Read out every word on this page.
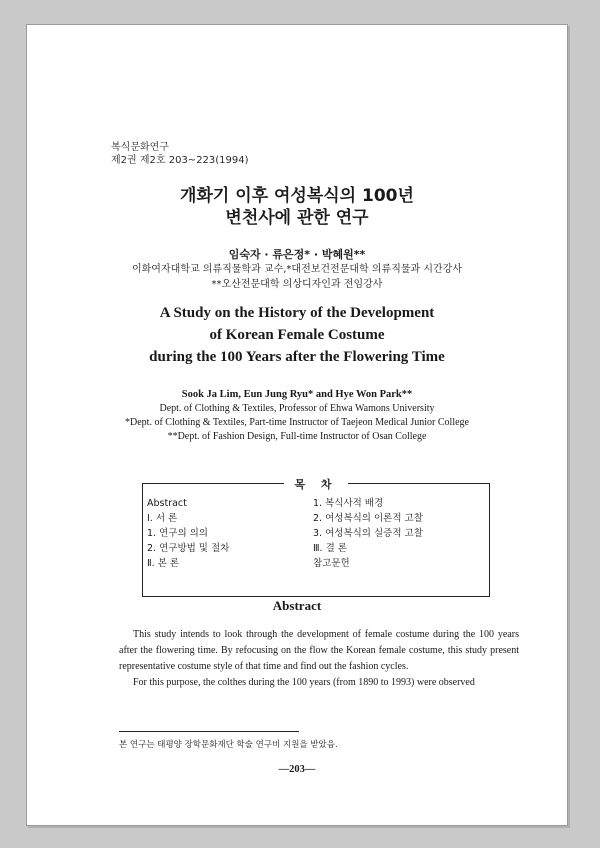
복식문화연구
제2권 제2호 203~223(1994)
개화기 이후 여성복식의 100년
변천사에 관한 연구
임숙자 · 류은정* · 박혜원**
이화여자대학교 의류직물학과 교수,*대전보건전문대학 의류직물과 시간강사
**오산전문대학 의상디자인과 전임강사
A Study on the History of the Development
of Korean Female Costume
during the 100 Years after the Flowering Time
Sook Ja Lim, Eun Jung Ryu* and Hye Won Park**
Dept. of Clothing & Textiles, Professor of Ehwa Wamons University
*Dept. of Clothing & Textiles, Part-time Instructor of Taejeon Medical Junior College
**Dept. of Fashion Design, Full-time Instructor of Osan College
목 차
Abstract
Ⅰ. 서 론
1. 연구의 의의
2. 연구방법 및 절차
Ⅱ. 본 론
1. 복식사적 배경
2. 여성복식의 이론적 고찰
3. 여성복식의 실증적 고찰
Ⅲ. 결 론
참고문헌
Abstract

This study intends to look through the development of female costume during the 100 years after the flowering time. By refocusing on the flow the Korean female costume, this study present representative costume style of that time and find out the fashion cycles.

For this purpose, the colthes during the 100 years (from 1890 to 1993) were observed

본 연구는 태평양 장학문화재단 학술 연구비 지원을 받았음.
—203—
